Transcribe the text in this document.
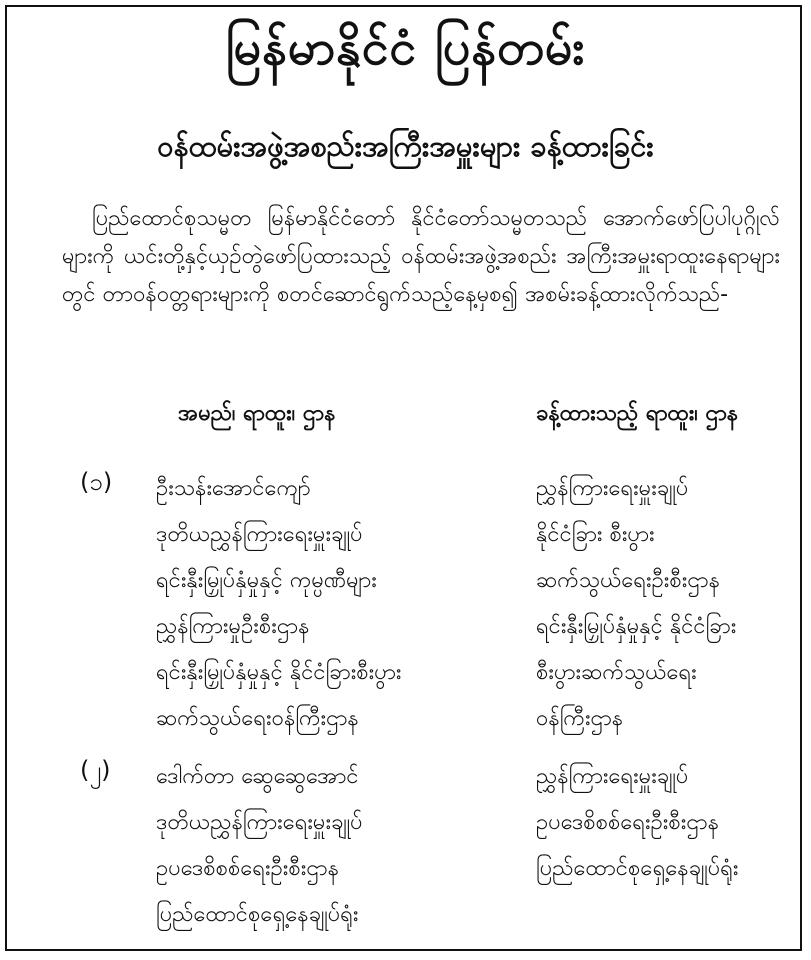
မြန်မာနိုင်ငံ ပြန်တမ်း
ဝန်ထမ်းအဖွဲ့အစည်းအကြီးအမှူးများ ခန့်ထားခြင်း

ပြည်ထောင်စုသမ္မတ မြန်မာနိုင်ငံတော် နိုင်ငံတော်သမ္မတသည် အောက်ဖော်ပြပါပုဂ္ဂိုလ်များကို ယင်းတို့နှင့်ယှဉ်တွဲဖော်ပြထားသည့် ဝန်ထမ်းအဖွဲ့အစည်း အကြီးအမှူးရာထူးနေရာများတွင် တာဝန်ဝတ္တရားများကို စတင်ဆောင်ရွက်သည့်နေ့မှစ၍ အစမ်းခန့်ထားလိုက်သည်-

အမည်၊ ရာထူး၊ ဌာန	ခန့်ထားသည့် ရာထူး၊ ဌာန
(၁) ဦးသန်းအောင်ကျော်
ဒုတိယညွှန်ကြားရေးမှူးချုပ်
ရင်းနှီးမြှုပ်နှံမှုနှင့် ကုမ္ပဏီများ
ညွှန်ကြားမှုဦးစီးဌာန
ရင်းနှီးမြှုပ်နှံမှုနှင့် နိုင်ငံခြားစီးပွား
ဆက်သွယ်ရေးဝန်ကြီးဌာန
ညွှန်ကြားရေးမှူးချုပ်
နိုင်ငံခြား စီးပွား
ဆက်သွယ်ရေးဦးစီးဌာန
ရင်းနှီးမြှုပ်နှံမှုနှင့် နိုင်ငံခြား
စီးပွားဆက်သွယ်ရေး
ဝန်ကြီးဌာန
(၂) ဒေါက်တာ ဆွေဆွေအောင်
ဒုတိယညွှန်ကြားရေးမှူးချုပ်
ဥပဒေစိစစ်ရေးဦးစီးဌာန
ပြည်ထောင်စုရှေ့နေချုပ်ရုံး
ညွှန်ကြားရေးမှူးချုပ်
ဥပဒေစိစစ်ရေးဦးစီးဌာန
ပြည်ထောင်စုရှေ့နေချုပ်ရုံး
